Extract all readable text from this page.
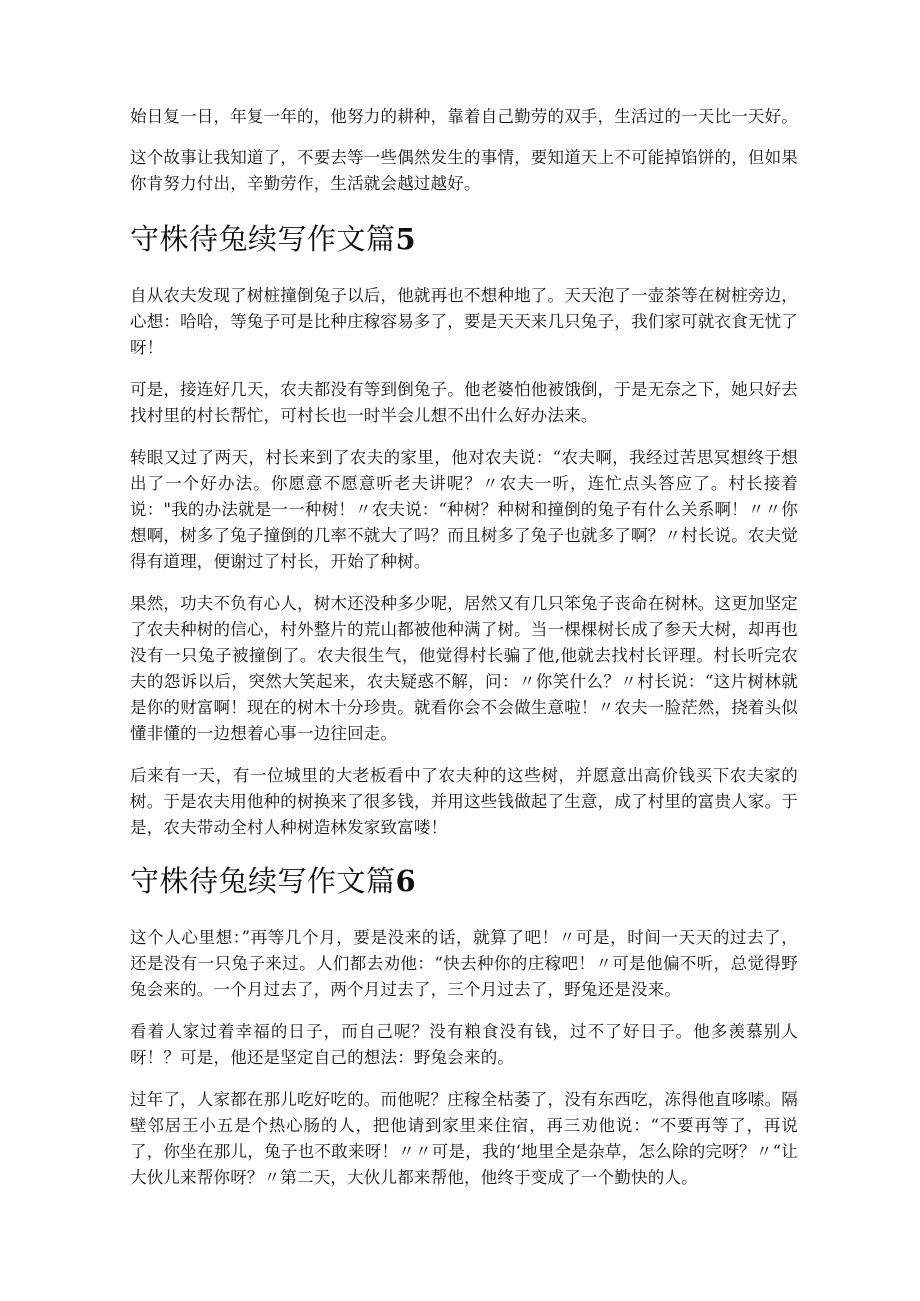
始日复一日，年复一年的，他努力的耕种，靠着自己勤劳的双手，生活过的一天比一天好。

这个故事让我知道了，不要去等一些偶然发生的事情，要知道天上不可能掉馅饼的，但如果你肯努力付出，辛勤劳作，生活就会越过越好。

守株待兔续写作文篇5

自从农夫发现了树桩撞倒兔子以后，他就再也不想种地了。天天泡了一壶茶等在树桩旁边，心想：哈哈，等兔子可是比种庄稼容易多了，要是天天来几只兔子，我们家可就衣食无忧了呀！

可是，接连好几天，农夫都没有等到倒兔子。他老婆怕他被饿倒，于是无奈之下，她只好去找村里的村长帮忙，可村长也一时半会儿想不出什么好办法来。

转眼又过了两天，村长来到了农夫的家里，他对农夫说：“农夫啊，我经过苦思冥想终于想出了一个好办法。你愿意不愿意听老夫讲呢？〃农夫一听，连忙点头答应了。村长接着说："我的办法就是一一种树！〃农夫说：“种树？种树和撞倒的兔子有什么关系啊！〃〃你想啊，树多了兔子撞倒的几率不就大了吗？而且树多了兔子也就多了啊？〃村长说。农夫觉得有道理，便谢过了村长，开始了种树。

果然，功夫不负有心人，树木还没种多少呢，居然又有几只笨兔子丧命在树林。这更加坚定了农夫种树的信心，村外整片的荒山都被他种满了树。当一棵棵树长成了参天大树，却再也没有一只兔子被撞倒了。农夫很生气，他觉得村长骗了他,他就去找村长评理。村长听完农夫的怨诉以后，突然大笑起来，农夫疑惑不解，问：〃你笑什么？〃村长说：“这片树林就是你的财富啊！现在的树木十分珍贵。就看你会不会做生意啦！〃农夫一脸茫然，挠着头似懂非懂的一边想着心事一边往回走。

后来有一天，有一位城里的大老板看中了农夫种的这些树，并愿意出高价钱买下农夫家的树。于是农夫用他种的树换来了很多钱，并用这些钱做起了生意，成了村里的富贵人家。于是，农夫带动全村人种树造林发家致富喽！

守株待兔续写作文篇6

这个人心里想：”再等几个月，要是没来的话，就算了吧！〃可是，时间一天天的过去了，还是没有一只兔子来过。人们都去劝他：“快去种你的庄稼吧！〃可是他偏不听，总觉得野兔会来的。一个月过去了，两个月过去了，三个月过去了，野兔还是没来。

看着人家过着幸福的日子，而自己呢？没有粮食没有钱，过不了好日子。他多羡慕别人呀！？可是，他还是坚定自己的想法：野兔会来的。

过年了，人家都在那儿吃好吃的。而他呢？庄稼全枯萎了，没有东西吃，冻得他直哆嗦。隔壁邻居王小五是个热心肠的人，把他请到家里来住宿，再三劝他说：“不要再等了，再说了，你坐在那儿，兔子也不敢来呀！〃〃可是，我的‘地里全是杂草，怎么除的完呀？〃“让大伙儿来帮你呀？〃第二天，大伙儿都来帮他，他终于变成了一个勤快的人。
